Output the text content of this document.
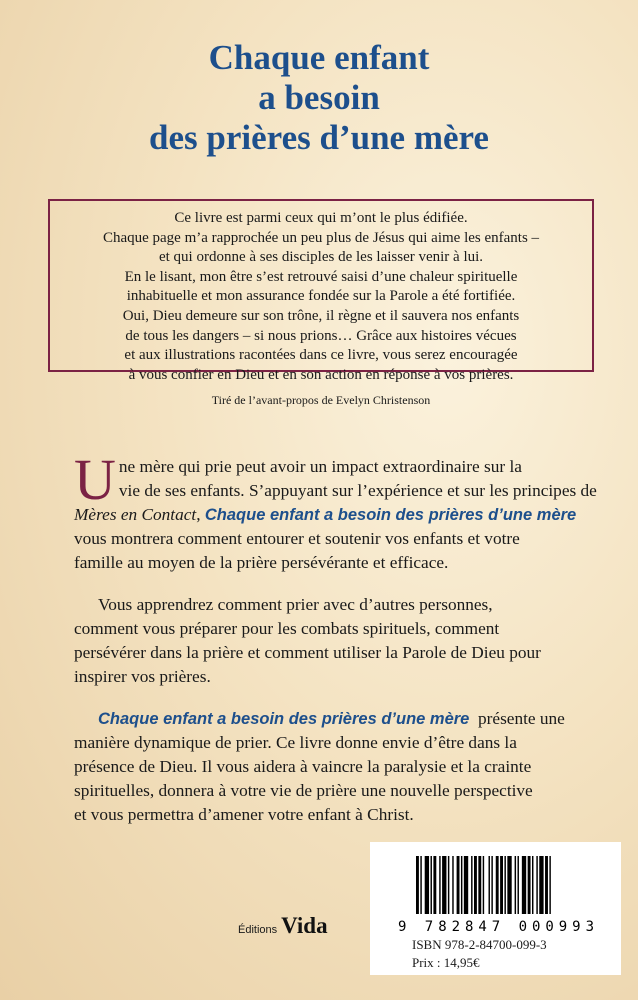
Chaque enfant
a besoin
des prières d’une mère
Ce livre est parmi ceux qui m’ont le plus édifiée.
Chaque page m’a rapprochée un peu plus de Jésus qui aime les enfants –
et qui ordonne à ses disciples de les laisser venir à lui.
En le lisant, mon être s’est retrouvé saisi d’une chaleur spirituelle
inhabituelle et mon assurance fondée sur la Parole a été fortifiée.
Oui, Dieu demeure sur son trône, il règne et il sauvera nos enfants
de tous les dangers – si nous prions… Grâce aux histoires vécues
et aux illustrations racontées dans ce livre, vous serez encouragée
à vous confier en Dieu et en son action en réponse à vos prières.
Tiré de l’avant-propos de Evelyn Christenson

U ne mère qui prie peut avoir un impact extraordinaire sur la
vie de ses enfants. S’appuyant sur l’expérience et sur les principes de
Mères en Contact, Chaque enfant a besoin des prières d’une mère
vous montrera comment entourer et soutenir vos enfants et votre
famille au moyen de la prière persévérante et efficace.

Vous apprendrez comment prier avec d’autres personnes,
comment vous préparer pour les combats spirituels, comment
persévérer dans la prière et comment utiliser la Parole de Dieu pour
inspirer vos prières.

Chaque enfant a besoin des prières d’une mère  présente une
manière dynamique de prier. Ce livre donne envie d’être dans la
présence de Dieu. Il vous aidera à vaincre la paralysie et la crainte
spirituelles, donnera à votre vie de prière une nouvelle perspective
et vous permettra d’amener votre enfant à Christ.

Éditions Vida	9 782847 000993
ISBN 978-2-84700-099-3
Prix : 14,95€
